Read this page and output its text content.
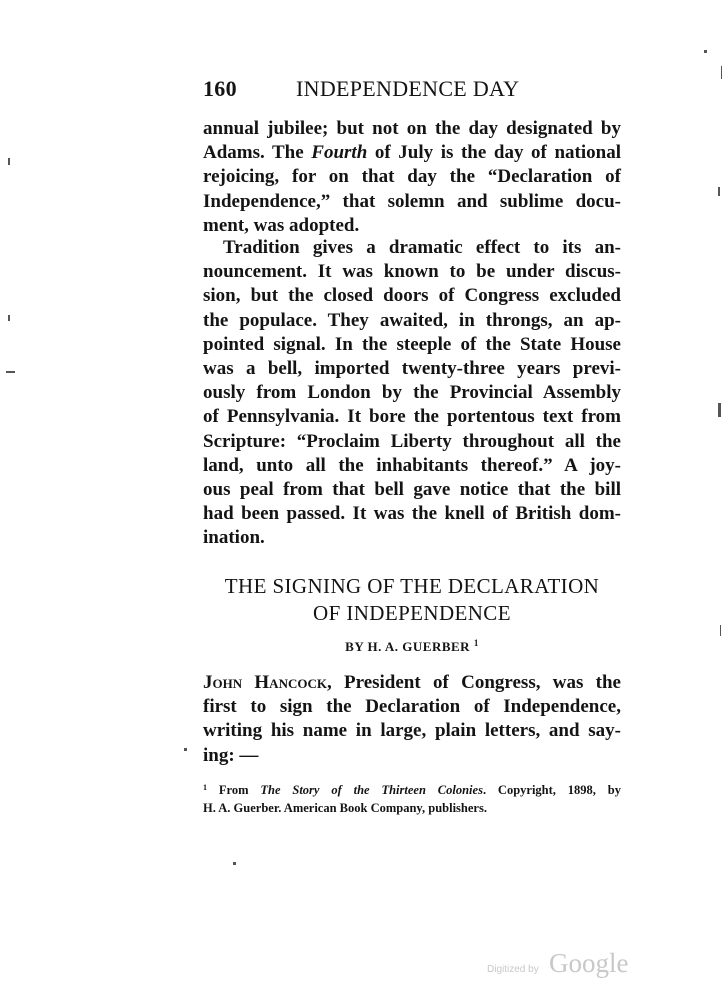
160	INDEPENDENCE DAY
annual jubilee; but not on the day designated by
Adams. The Fourth of July is the day of national
rejoicing, for on that day the “Declaration of
Independence,” that solemn and sublime docu-
ment, was adopted.
Tradition gives a dramatic effect to its an-
nouncement. It was known to be under discus-
sion, but the closed doors of Congress excluded
the populace. They awaited, in throngs, an ap-
pointed signal. In the steeple of the State House
was a bell, imported twenty-three years previ-
ously from London by the Provincial Assembly
of Pennsylvania. It bore the portentous text from
Scripture: “Proclaim Liberty throughout all the
land, unto all the inhabitants thereof.” A joy-
ous peal from that bell gave notice that the bill
had been passed. It was the knell of British dom-
ination.
THE SIGNING OF THE DECLARATION
OF INDEPENDENCE
BY H. A. GUERBER $^1$
John Hancock, President of Congress, was the
first to sign the Declaration of Independence,
writing his name in large, plain letters, and say-
ing: —
$^1$ From The Story of the Thirteen Colonies. Copyright, 1898, by
H. A. Guerber. American Book Company, publishers.
Digitized by Google
